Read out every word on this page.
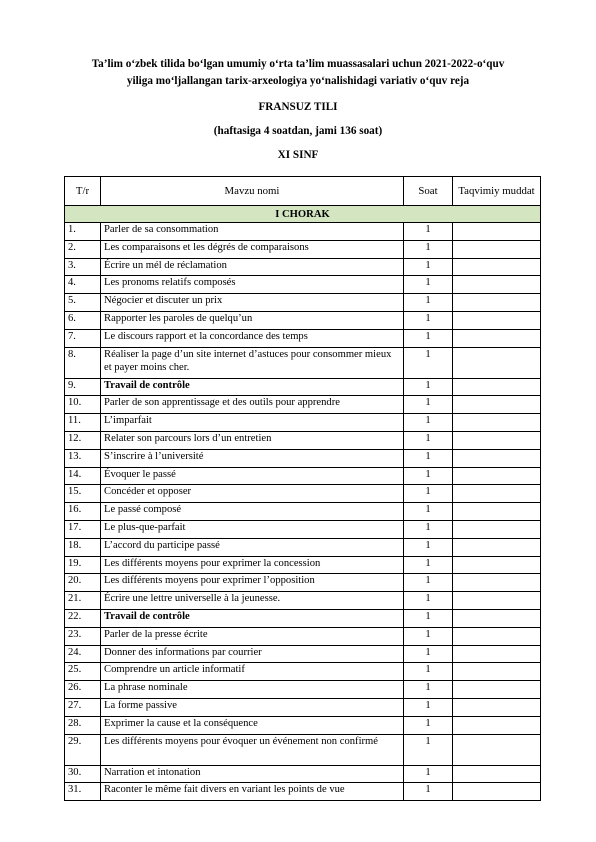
Ta’lim o‘zbek tilida bo‘lgan umumiy o‘rta ta’lim muassasalari uchun 2021-2022-o‘quv
yiliga mo‘ljallangan tarix-arxeologiya yo‘nalishidagi variativ o‘quv reja
FRANSUZ TILI
(haftasiga 4 soatdan, jami 136 soat)
XI SINF
T/r	Mavzu nomi	Soat	Taqvimiy muddat
I CHORAK			
1.	Parler de sa consommation	1	
2.	Les comparaisons et les dégrés de comparaisons	1	
3.	Écrire un mél de réclamation	1	
4.	Les pronoms relatifs composés	1	
5.	Négocier et discuter un prix	1	
6.	Rapporter les paroles de quelqu’un	1	
7.	Le discours rapport et la concordance des temps	1	
8.	Réaliser la page d’un site internet d’astuces pour consommer mieux et payer moins cher.	1	
9.	Travail de contrôle	1	
10.	Parler de son apprentissage et des outils pour apprendre	1	
11.	L’imparfait	1	
12.	Relater son parcours lors d’un entretien	1	
13.	S’inscrire à l’université	1	
14.	Évoquer le passé	1	
15.	Concéder et opposer	1	
16.	Le passé composé	1	
17.	Le plus-que-parfait	1	
18.	L’accord du participe passé	1	
19.	Les différents moyens pour exprimer la concession	1	
20.	Les différents moyens pour exprimer l’opposition	1	
21.	Écrire une lettre universelle à la jeunesse.	1	
22.	Travail de contrôle	1	
23.	Parler de la presse écrite	1	
24.	Donner des informations par courrier	1	
25.	Comprendre un article informatif	1	
26.	La phrase nominale	1	
27.	La forme passive	1	
28.	Exprimer la cause et la conséquence	1	
29.	Les différents moyens pour évoquer un événement non confirmé	1	
30.	Narration et intonation	1	
31.	Raconter le même fait divers en variant les points de vue	1	
